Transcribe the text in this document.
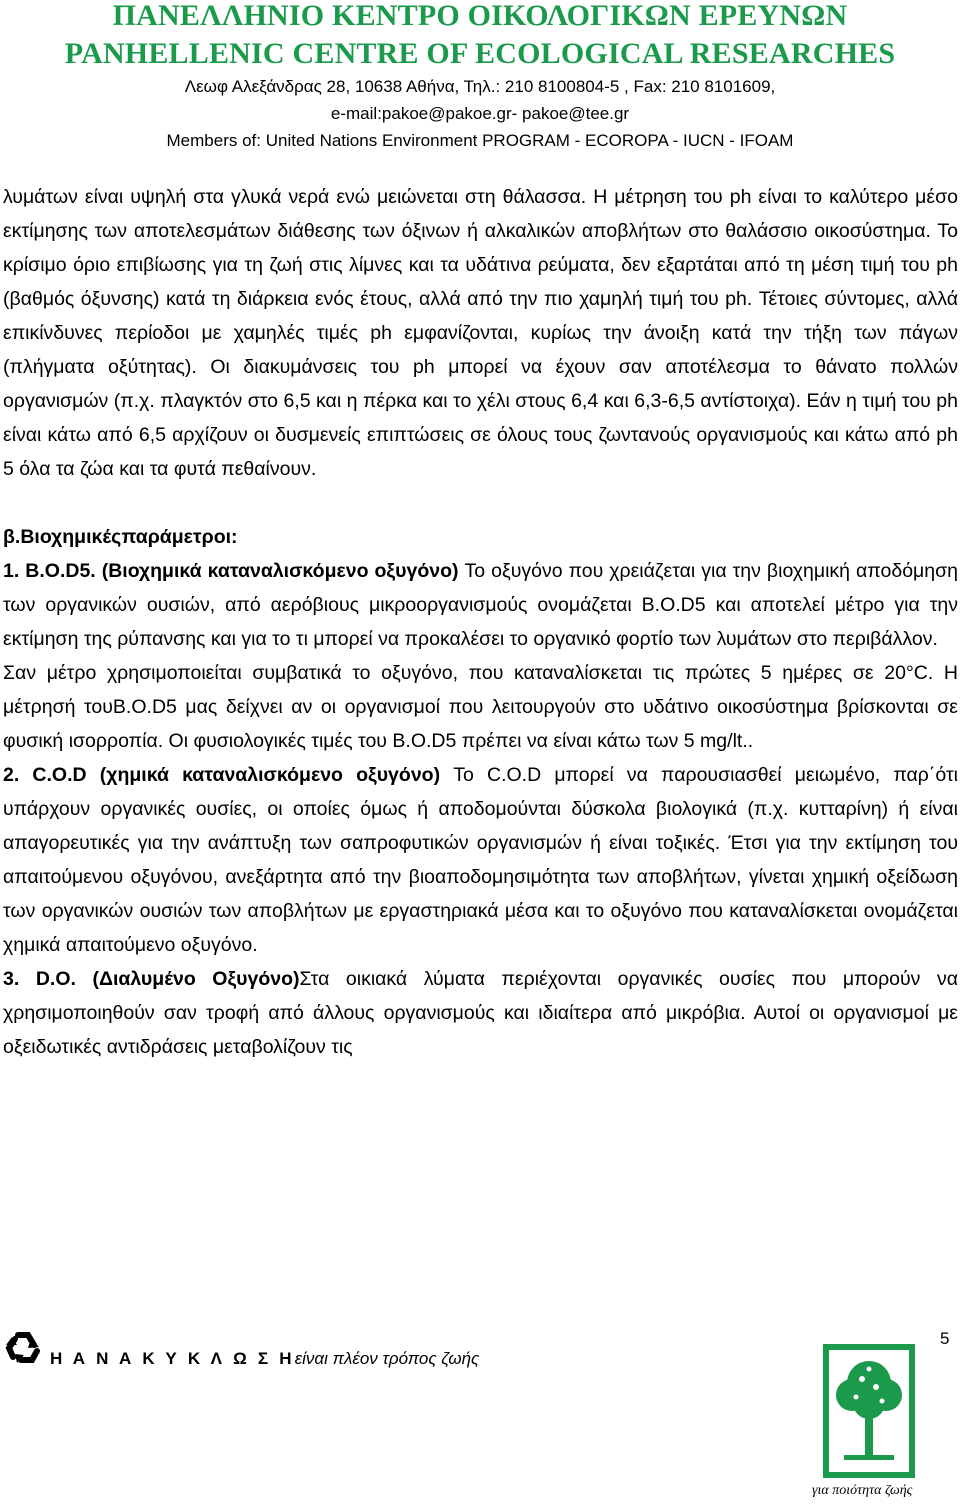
ΠΑΝΕΛΛΗΝΙΟ ΚΕΝΤΡΟ ΟΙΚΟΛΟΓΙΚΩΝ ΕΡΕΥΝΩΝ
PANHELLENIC CENTRE OF ECOLOGICAL RESEARCHES
Λεωφ Αλεξάνδρας 28, 10638 Αθήνα, Τηλ.: 210 8100804-5 , Fax: 210 8101609,
e-mail:pakoe@pakoe.gr- pakoe@tee.gr
Members of: United Nations Environment PROGRAM - ECOROPA - IUCN - IFOAM

λυμάτων είναι υψηλή στα γλυκά νερά ενώ μειώνεται στη θάλασσα. Η μέτρηση του ph είναι το καλύτερο μέσο εκτίμησης των αποτελεσμάτων διάθεσης των όξινων ή αλκαλικών αποβλήτων στο θαλάσσιο οικοσύστημα. Το κρίσιμο όριο επιβίωσης για τη ζωή στις λίμνες και τα υδάτινα ρεύματα, δεν εξαρτάται από τη μέση τιμή του ph (βαθμός όξυνσης) κατά τη διάρκεια ενός έτους, αλλά από την πιο χαμηλή τιμή του ph. Τέτοιες σύντομες, αλλά επικίνδυνες περίοδοι με χαμηλές τιμές ph εμφανίζονται, κυρίως την άνοιξη κατά την τήξη των πάγων (πλήγματα οξύτητας). Οι διακυμάνσεις του ph μπορεί να έχουν σαν αποτέλεσμα το θάνατο πολλών οργανισμών (π.χ. πλαγκτόν στο 6,5 και η πέρκα και το χέλι στους 6,4 και 6,3-6,5 αντίστοιχα). Εάν η τιμή του ph είναι κάτω από 6,5 αρχίζουν οι δυσμενείς επιπτώσεις σε όλους τους ζωντανούς οργανισμούς και κάτω από ph 5 όλα τα ζώα και τα φυτά πεθαίνουν.

β.Βιοχημικέςπαράμετροι:

1. B.O.D5. (Βιοχημικά καταναλισκόμενο οξυγόνο) Το οξυγόνο που χρειάζεται για την βιοχημική αποδόμηση των οργανικών ουσιών, από αερόβιους μικροοργανισμούς ονομάζεται B.O.D5 και αποτελεί μέτρο για την εκτίμηση της ρύπανσης και για το τι μπορεί να προκαλέσει το οργανικό φορτίο των λυμάτων στο περιβάλλον.

Σαν μέτρο χρησιμοποιείται συμβατικά το οξυγόνο, που καταναλίσκεται τις πρώτες 5 ημέρες σε 20°C. Η μέτρησή τουB.O.D5 μας δείχνει αν οι οργανισμοί που λειτουργούν στο υδάτινο οικοσύστημα βρίσκονται σε φυσική ισορροπία. Οι φυσιολογικές τιμές του B.O.D5 πρέπει να είναι κάτω των 5 mg/lt..

2. C.O.D (χημικά καταναλισκόμενο οξυγόνο) Το C.O.D μπορεί να παρουσιασθεί μειωμένο, παρ΄ότι υπάρχουν οργανικές ουσίες, οι οποίες όμως ή αποδομούνται δύσκολα βιολογικά (π.χ. κυτταρίνη) ή είναι απαγορευτικές για την ανάπτυξη των σαπροφυτικών οργανισμών ή είναι τοξικές. Έτσι για την εκτίμηση του απαιτούμενου οξυγόνου, ανεξάρτητα από την βιοαποδομησιμότητα των αποβλήτων, γίνεται χημική οξείδωση των οργανικών ουσιών των αποβλήτων με εργαστηριακά μέσα και το οξυγόνο που καταναλίσκεται ονομάζεται χημικά απαιτούμενο οξυγόνο.

3. D.O. (Διαλυμένο Οξυγόνο)Στα οικιακά λύματα περιέχονται οργανικές ουσίες που μπορούν να χρησιμοποιηθούν σαν τροφή από άλλους οργανισμούς και ιδιαίτερα από μικρόβια. Αυτοί οι οργανισμοί με οξειδωτικές αντιδράσεις μεταβολίζουν τις

5
Η Α Ν Α Κ Υ Κ Λ Ω Σ Ηείναι πλέον τρόπος ζωής
για ποιότητα ζωής
